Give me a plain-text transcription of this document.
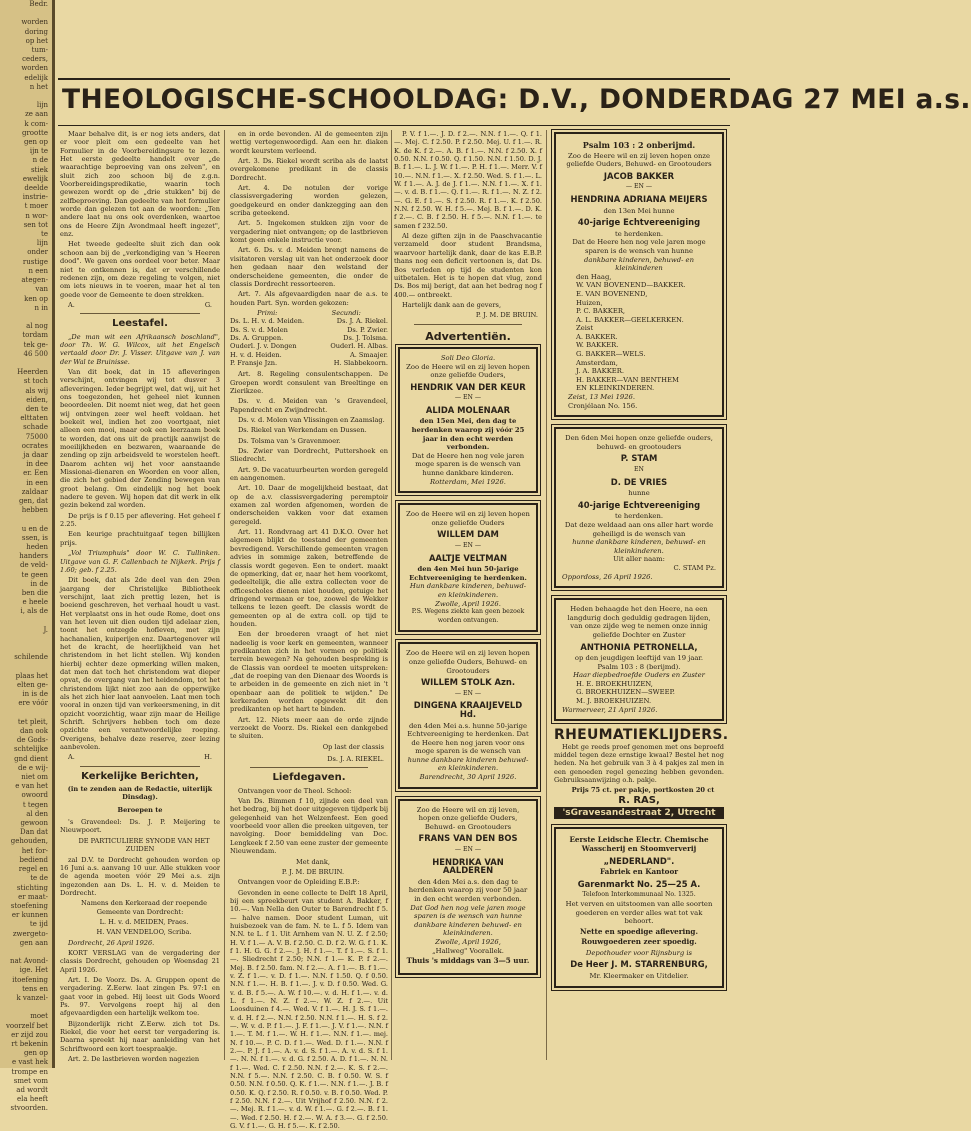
Bedr.

worden
doring
op het
tum-
ceders,
worden
edelijk
n het

lijn
ze aan
k com-
grootte
gen op
ijn te
n de
stiek
ewelijk
deelde
instrie-
t moer
n wor-
sen tot
te
lijn
onder
rustige
n een
ategen-
van
ken op
n in

al nog
tordam
tek ge-
46 500

Heerden
st toch
als wij
eiden,
den te
elttaten
schade
75000
ocrates
ja daar
in dee
er. Een
in een
zaldaar
gen, dat
hebben

u en de
ssen, is
heden
handers
de veld-
te geen
in de
ben die
e heele
i, als de

J.

schilende

plaas het
elten ge-
in is de
ere vóór

tet pleit,
dan ook
de Gods-
schtelijke
gnd dient
de e wij-
niet om
e van het
owoord
t tegen
al den
gewoon
Dan dat
gehouden,
het for-
bediend
regel en
te de
stichting
er maat-
stoefening
er kunnen
te ijd
zwergeto-
gen aan

nat Avond-
ige. Het
itoefening
tens en
k vanzel-

moet
voorzelf bet
er zijd zou
rt bekenin
gen op
e vast hek
trompe en
smet vom
ad wordt
ela heeft
stvoorden.
THEOLOGISCHE-SCHOOLDAG: D.V., DONDERDAG 27 MEI a.s.

Maar behalve dit, is er nog iets anders, dat er voor pleit om een gedeelte van het Formulier in de Voorbereidingsure te lezen. Het eerste gedeelte handelt over „de waarachtige beproeving van ons zelven", en sluit zich zoo schoon bij de z.g.n. Voorbereidingspredikatie, waarin toch gewezen wordt op de „drie stukken" bij de zelfbeproeving. Dan gedeelte van het formulier worde dan gelezen tot aan de woorden: „Ten andere laat nu ons ook overdenken, waartoe ons de Heere Zijn Avondmaal heeft ingezet", enz.

Het tweede gedeelte sluit zich dan ook schoon aan bij de „verkondiging van 's Heeren dood". We gaven ons oordeel voor beter. Maar niet te ontkennen is, dat er verschillende redenen zijn, om deze regeling te volgen, niet om iets nieuws in te voeren, maar het al ten goede voor de Gemeente te doen strekken.

A.	G.
Leestafel.

„De man wit een Afrikaansch boschland", door Th. W. G. Wilcox, uit het Engelsch vertaald door Dr. J. Visser. Uitgave van J. van der Wal te Bruinisse.

Van dit boek, dat in 15 afleveringen verschijnt, ontvingen wij tot dusver 3 afleveringen. Ieder begrijpt wel, dat wij, uit het ons toegezonden, het geheel niet kunnen beoordeelen. Dit noemt niet weg, dat het geen wij ontvingen zeer wel heeft voldaan. het boekeit wel, indien het zoo voortgaat, niet alleen een mooi, maar ook een leerzaam boek te worden, dat ons uit de practijk aanwijst de moeilijkheden en bezwaren, waaraande de zending op zijn arbeidsveld te worstelen heeft. Daarom achten wij het voor aanstaande Missionai-dienaren en Woorden en voor allen, die zich het gebied der Zending bewegen van groot belang. Om eindelijk nog het boek nadere te geven. Wij hopen dat dit werk in elk gezin bekend zal worden.

De prijs is f 0.15 per aflevering. Het geheel f 2.25.

Een keurige prachtuitgaaf tegen billijken prijs.

„Vol Triumphuis" door W. C. Tullinken. Uitgave van G. F. Callenbach te Nijkerk. Prijs f 1.60; geb. f 2.25.

Dit boek, dat als 2de deel van den 29en jaargang der Christelijke Bibliotheek verschijnt, laat zich prettig lezen, het is boeiend geschreven, het verhaal houdt u vast. Het verplaatst ons in het oude Rome, doet ons van het leven uit dien ouden tijd adelaar zien, toont het ontzegde hofleven, met zijn hachanalien, kuiperijen enz. Daartegenover wil het de kracht, de heerlijkheid van het christendom in het licht stellen. Wij konden hierbij echter deze opmerking willen maken, dat men dat toch het christendom wat dieper opvat, de overgang van het heidendom, tot het christendom lijkt niet zoo aan de opperwijke als het zich hier laat aanvoelen. Laat men toch vooral in onzen tijd van verkeersmening, in dit opzicht voorzichtig, waar zijn maar de Heilige Schrift. Schrijvers hebben toch om deze opzichte een verantwoordelijke roeping. Overigens, behalve deze reserve, zeer lezing aanbevolen.

A.	H.
Kerkelijke Berichten,
(in te zenden aan de Redactie, uiterlijk Dinsdag).
Beroepen te

's Gravendeel: Ds. J. P. Meijering te Nieuwpoort.

DE PARTICULIERE SYNODE VAN HET ZUIDEN

zal D.V. te Dordrecht gehouden worden op 16 Juni a.s. aanvang 10 uur. Alle stukken voor de agenda moeten vóór 29 Mei a.s. zijn ingezonden aan Ds. L. H. v. d. Meiden te Dordrecht.

Namens den Kerkeraad der roepende Gemeente van Dordrecht:

L. H. v. d. MEIDEN, Praes.

H. VAN VENDELOO, Scriba.

Dordrecht, 26 April 1926.

KORT VERSLAG van de vergadering der classis Dordrecht, gehouden op Woensdag 21 April 1926.

Art. I. De Voorz. Ds. A. Gruppen opent de vergadering. Z.Eerw. laat zingen Ps. 97:1 en gaat voor in gebed. Hij leest uit Gods Woord Ps. 97. Vervolgens roept hij al den afgevaardigden een hartelijk welkom toe.

Bijzonderlijk richt Z.Eerw. zich tot Ds. Riekel, die voor het eerst ter vergadering is. Daarna spreekt hij naar aanleiding van het Schriftwoord een kort toespraakje.

Art. 2. De lastbrieven worden nagezien

en in orde bevonden. Al de gemeenten zijn wettig vertegenwoordigd. Aan een hr. diaken wordt keurstem verleend.

Art. 3. Ds. Riekel wordt scriba als de laatst overgekomene predikant in de classis Dordrecht.

Art. 4. De notulen der vorige classisvergadering worden gelezen, goedgekeurd en onder dankzegging aan den scriba geteekend.

Art. 5. Ingekomen stukken zijn voor de vergadering niet ontvangen; op de lastbrieven komt geen enkele instructie voor.

Art. 6. Ds. v. d. Meiden brengt namens de visitatoren verslag uit van het onderzoek door hen gedaan naar den welstand der onderscheidene gemeenten, die onder de classis Dordrecht ressorteeren.

Art. 7. Als afgevaardigden naar de a.s. te houden Part. Syn. worden gekozen:

Primi:	Secundi:
Ds. L. H. v. d. Meiden.	Ds. J. A. Riekel.
Ds. S. v. d. Molen	Ds. P. Zwier.
Ds. A. Gruppen.	Ds. J. Tolsma.
Ouderl. J. v. Dongen	Ouderl. H. Albas.
H. v. d. Heiden.	A. Smaajer.
P. Fransje Jzn.	H. Slabbekoorn.

Art. 8. Regeling consulentschappen. De Groepen wordt consulent van Breeltinge en Zierikzee.

Ds. v. d. Meiden van 's Gravendeel, Papendrecht en Zwijndrecht.

Ds. v. d. Molen van Vlissingen en Zaamslag.

Ds. Riekel van Werkendam en Dussen.

Ds. Tolsma van 's Gravenmoer.

Ds. Zwier van Dordrecht, Puttershoek en Sliedrecht.

Art. 9. De vacatuurbeurten worden geregeld en aangenomen.

Art. 10. Daar de mogelijkheid bestaat, dat op de a.v. classisvergadering peremptoir examen zal worden afgenomen, worden de onderscheiden vakken voor dat examen geregeld.

Art. 11. Rondvraag art 41 D.K.O. Over het algemeen blijkt de toestand der gemeenten bevredigend. Verschillende gemeenten vragen advies in sommige zaken, betreffende de classis wordt gegeven. Een te ondert. maakt de opmerking, dat er, naar het hem voorkomt, gedeeltelijk, die alle extra collecten voor de officescholes dienen niet houden, getuige het dringend vermaan er toe, zoowel de Wekker telkens te lezen geeft. De classis wordt de gemeenten op al de extra coll. op tijd te houden.

Een der broederen vraagt of het niet nadeelig is voor kerk en gemeenten, wanneer predikanten zich in het vormen op politiek terrein bewegen? Na gehouden bespreking is de Classis van oordeel te moeten uitspreken: „dat de roeping van den Dienaar des Woords is te arbeiden in de gemeente en zich niet in 't openbaar aan de politiek te wijden." De kerkeraden worden opgewekt dit den predikanten op het hart te binden.

Art. 12. Niets meer aan de orde zijnde verzoekt de Voorz. Ds. Riekel een dankgebed te sluiten.

Op last der classis
Ds. J. A. RIEKEL.
Liefdegaven.

Ontvangen voor de Theol. School:

Van Ds. Bimmen f 10, zijnde een deel van het bedrag, bij het door uitgegeven tijdperk bij gelegenheid van het Welzenfeest. Een goed voorbeeld voor allen die preeken uitgeven, ter navolging. Door bemiddeling van Doc. Lengkeek f 2.50 van eene zuster der gemeente Nieuwendam.

Met dank,

P. J. M. DE BRUIN.

Ontvangen voor de Opleiding E.B.P.:

Gevonden in eene collecte te Delft 18 April, bij een spreekbeurt van student A. Bakker, f 10.—. Van Nella den Outer te Barendrecht f 5.— halve namen. Door student Luman, uit huisbezoek van de fam. N. te L. f 5. Idem van N.N. te L. f 1. Uit Arnhem van N. U. Z. f 2.50; H. V. f 1.— A. V. B. f 2.50. C. D. f 2. W. G. f 1. K. f 1. H. G. G. f 2.—. J. H. f 1.—. T. f 1.—. S. f 1.—. Sliedrecht f 2.50; N.N. f 1.— K. P. f 2.—. Mej. B. f 2.50. fam. N. f 2.—. A. f 1.—. B. f 1.—. v. Z. f 1.—. v. D. f 1.—. N.N. f 1.50. Q. f 0.50. N.N. f 1.—. H. B. f 1.—. J. v. D. f 0.50. Wed. G. v. d. B. f 5.—. A. W. f 10.—. v. d. H. f 1.—. v. d. L. f 1.—. N. Z. f 2.—. W. Z. f 2.—. Uit Loosduinen f 4.—. Wed. V. f 1.—. H. J. S. f 1.—. v. d. H. f 2.—. N.N. f 2.50. N.N. f 1.—. H. S. f 2.—. W. v. d. P. f 1.—. J. F. f 1.—. J. V. f 1.—. N.N. f 1.—. T. M. f 1.—. W. H. f 1.—. N.N. f 1.—. mej. N. f 10.—. P. C. D. f 1.—. Wed. D. f 1.—. N.N. f 2.—. P. J. f 1.—. A. v. d. S. f 1.—. A. v. d. S. f 1.—. N. N. f 1.—. v. d. G. f 2.50. A. D. f 1.—. N. N. f 1.—. Wed. C. f 2.50. N.N. f 2.—. K. S. f 2.—. N.N. f 5.—. N.N. f 2.50. C. B. f 0.50. W. S. f 0.50. N.N. f 0.50. Q. K. f 1.—. N.N. f 1.—. J. B. f 0.50. K. Q. f 2.50. R. f 0.50. v. B. f 0.50. Wed. P. f 2.50. N.N. f 2.—. Uit Vrijhof f 2.50. N.N. f 2.—. Mej. R. f 1.—. v. d. W. f 1.—. G. f 2.—. B. f 1.—. Wed. f 2.50. H. f 2.—. W. A. f 3.—. G. f 2.50. G. V. f 1.—. G. H. f 5.—. K. f 2.50.

P. V. f 1.—. J. D. f 2.—. N.N. f 1.—. Q. f 1.—. Mej. C. f 2.50. P. f 2.50. Mej. U. f 1.—. R. K. de K. f 2.—. A. B. f 1.—. N.N. f 2.50. X. f 0.50. N.N. f 0.50. Q. f 1.50. N.N. f 1.50. D. J. B. f 1.—. L. J. W. f 1.—. P. H. f 1.—. Merr. V. f 10.—. N.N. f 1.—. X. f 2.50. Wed. S. f 1.—. L. W. f 1.—. A. J. de J. f 1.—. N.N. f 1.—. X. f 1.—. v. d. B. f 1.—. Q. f 1.—. R. f 1.—. N. Z. f 2.—. G. E. f 1.—. S. f 2.50. R. f 1.—. K. f 2.50. N.N. f 2.50. W. H. f 5.—. Mej. B. f 1.—. D. K. f 2.—. C. B. f 2.50. H. f 5.—. N.N. f 1.—. te samen f 232.50.

Al deze giften zijn in de Paaschvacantie verzameld door student Brandsma, waarvoor hartelijk dank, daar de kas E.B.P. thans nog een deficit vertoonen is, dat Ds. Bos verleden op tijd de studenten kon uitbetalen. Het is te hopen dat vlug, zond Ds. Bos mij berigt, dat aan het bedrag nog f 400.— ontbreekt.

Hartelijk dank aan de gevers,

P. J. M. DE BRUIN.
Advertentiën.
Soli Deo Gloria.
Zoo de Heere wil en zij leven hopen onze geliefde Ouders,
HENDRIK VAN DER KEUR
— EN —
ALIDA MOLENAAR
den 15en Mei, den dag te herdenken waarop zij vóór 25 jaar in den echt werden verbonden.
Dat de Heere hen nog vele jaren moge sparen is de wensch van hunne dankbare kinderen.
Rotterdam, Mei 1926.
Zoo de Heere wil en zij leven hopen onze geliefde Ouders
WILLEM DAM
— EN —
AALTJE VELTMAN
den 4en Mei hun 50-jarige Echtvereeniging te herdenken.
Hun dankbare kinderen, behuwd- en kleinkinderen.
Zwolle, April 1926.
P.S. Wegens ziekte kan geen bezoek worden ontvangen.
Zoo de Heere wil en zij leven hopen onze geliefde Ouders, Behuwd- en Grootouders
WILLEM STOLK Azn.
— EN —
DINGENA KRAAIJEVELD Hd.
den 4den Mei a.s. hunne 50-jarige Echtvereeniging te herdenken. Dat de Heere hen nog jaren voor ons moge sparen is de wensch van
hunne dankbare kinderen behuwd- en kleinkinderen.
Barendrecht, 30 April 1926.
Zoo de Heere wil en zij leven, hopen onze geliefde Ouders, Behuwd- en Grootouders
FRANS VAN DEN BOS
— EN —
HENDRIKA VAN AALDEREN
den 4den Mei a.s. den dag te herdenken waarop zij voor 50 jaar in den echt werden verbonden.
Dat God hen nog vele jaren moge sparen is de wensch van hunne dankbare kinderen behuwd- en kleinkinderen.
Zwolle, April 1926,
„Hallweg" Voorallek.
Thuis 's middags van 3—5 uur.
Psalm 103 : 2 onberijmd.
Zoo de Heere wil en zij leven hopen onze geliefde Ouders, Behuwd- en Grootouders
JACOB BAKKER
— EN —
HENDRINA ADRIANA MEIJERS
den 13en Mei hunne
40-jarige Echtvereeniging
te herdenken.
Dat de Heere hen nog vele jaren moge sparen is de wensch van hunne
dankbare kinderen, behuwd- en kleinkinderen
den Haag,
W. VAN BOVENEND—BAKKER.
E. VAN BOVENEND,
Huizen,
P. C. BAKKER,
A. L. BAKKER—GEELKERKEN.
Zeist
A. BAKKER.
W. BAKKER.
G. BAKKER—WELS.
Amsterdam,
J. A. BAKKER.
H. BAKKER—VAN BENTHEM
EN KLEINKINDEREN.
Zeist, 13 Mei 1926.
Cronjélaan No. 156.
Den 6den Mei hopen onze geliefde ouders, behuwd- en grootouders
P. STAM
EN
D. DE VRIES
hunne
40-jarige Echtvereeniging
te herdenken.
Dat deze weldaad aan ons aller hart worde geheiligd is de wensch van
hunne dankbare kinderen, behuwd- en kleinkinderen.
Uit aller naam:
C. STAM Pz.
Oppordoss, 26 April 1926.
Heden behaagde het den Heere, na een langdurig doch geduldig gedragen lijden, van onze zijde weg te nemen onze innig geliefde Dochter en Zuster
ANTHONIA PETRONELLA,
op den jeugdigen leeftijd van 19 jaar.
Psalm 103 : 8 (berijmd).
Haar diepbedroefde Ouders en Zuster
H. E. BROEKHUIZEN,
G. BROEKHUIZEN—SWEEP.
M. J. BROEKHUIZEN.
Warmerveer, 21 April 1926.
RHEUMATIEKLIJDERS.

Hebt ge reeds proef genomen met ons beproefd middel tegen deze ernstige kwaal? Bestel het nog heden. Na het gebruik van 3 à 4 pakjes zal men in een genoeden regel genezing hebben gevonden. Gebruiksaanwijzing o.h. pakje.

Prijs 75 ct. per pakje, portkosten 20 ct

R. RAS,
'sGravesandestraat 2, Utrecht
Eerste Leidsche Electr. Chemische Wasscherij en Stoomververij
„NEDERLAND".
Fabriek en Kantoor
Garenmarkt No. 25—25 A.
Telefoon Interkommunaal No. 1325.
Het verven en uitstoomen van alle soorten goederen en verder alles wat tot vak behoort.
Nette en spoedige aflevering.
Rouwgoederen zeer spoedig.
Depothouder voor Rijnsburg is
De Heer J. M. STARRENBURG,
Mr. Kleermaker en Uitdelier.
